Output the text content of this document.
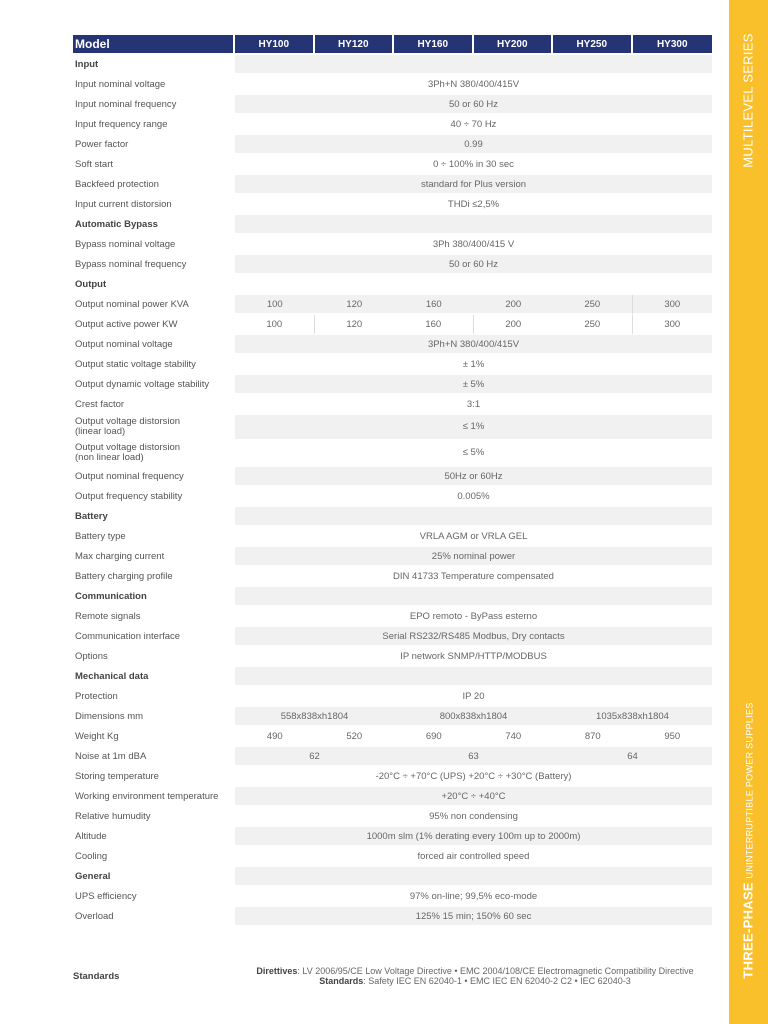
MULTILEVEL SERIES
THREE-PHASE UNINTERRUPTIBLE POWER SUPPLIES
Model	HY100	HY120	HY160	HY200	HY250	HY300
Input						
Input nominal voltage	3Ph+N 380/400/415V					
Input nominal frequency	50 or 60 Hz					
Input frequency range	40 ÷ 70 Hz					
Power factor	0.99					
Soft start	0 ÷ 100% in 30 sec					
Backfeed protection	standard for Plus version					
Input current distorsion	THDi ≤2,5%					
Automatic Bypass						
Bypass nominal voltage	3Ph 380/400/415 V					
Bypass nominal frequency	50 or 60 Hz					
Output						
Output nominal power KVA	100	120	160	200	250	300
Output active power KW	100	120	160	200	250	300
Output nominal voltage	3Ph+N 380/400/415V					
Output static voltage stability	± 1%					
Output dynamic voltage stability	± 5%					
Crest factor	3:1					
Output voltage distorsion
(linear load)	≤ 1%					
Output voltage distorsion
(non linear load)	≤ 5%					
Output nominal frequency	50Hz or 60Hz					
Output frequency stability	0.005%					
Battery						
Battery type	VRLA AGM or VRLA GEL					
Max charging current	25% nominal power					
Battery charging profile	DIN 41733 Temperature compensated					
Communication						
Remote signals	EPO remoto - ByPass esterno					
Communication interface	Serial RS232/RS485 Modbus, Dry contacts					
Options	IP network SNMP/HTTP/MODBUS					
Mechanical data						
Protection	IP 20					
Dimensions mm	558x838xh1804		800x838xh1804		1035x838xh1804	
Weight Kg	490	520	690	740	870	950
Noise at 1m dBA	62		63		64	
Storing temperature	-20°C ÷ +70°C (UPS) +20°C ÷ +30°C (Battery)					
Working environment temperature	+20°C ÷ +40°C					
Relative humudity	95% non condensing					
Altitude	1000m slm (1% derating every 100m up to 2000m)					
Cooling	forced air controlled speed					
General						
UPS efficiency	97% on-line; 99,5% eco-mode					
Overload	125% 15 min; 150% 60 sec					
Standards	Direttives: LV 2006/95/CE Low Voltage Directive • EMC 2004/108/CE Electromagnetic Compatibility Directive
Standards: Safety IEC EN 62040-1 • EMC IEC EN 62040-2 C2 • IEC 62040-3
